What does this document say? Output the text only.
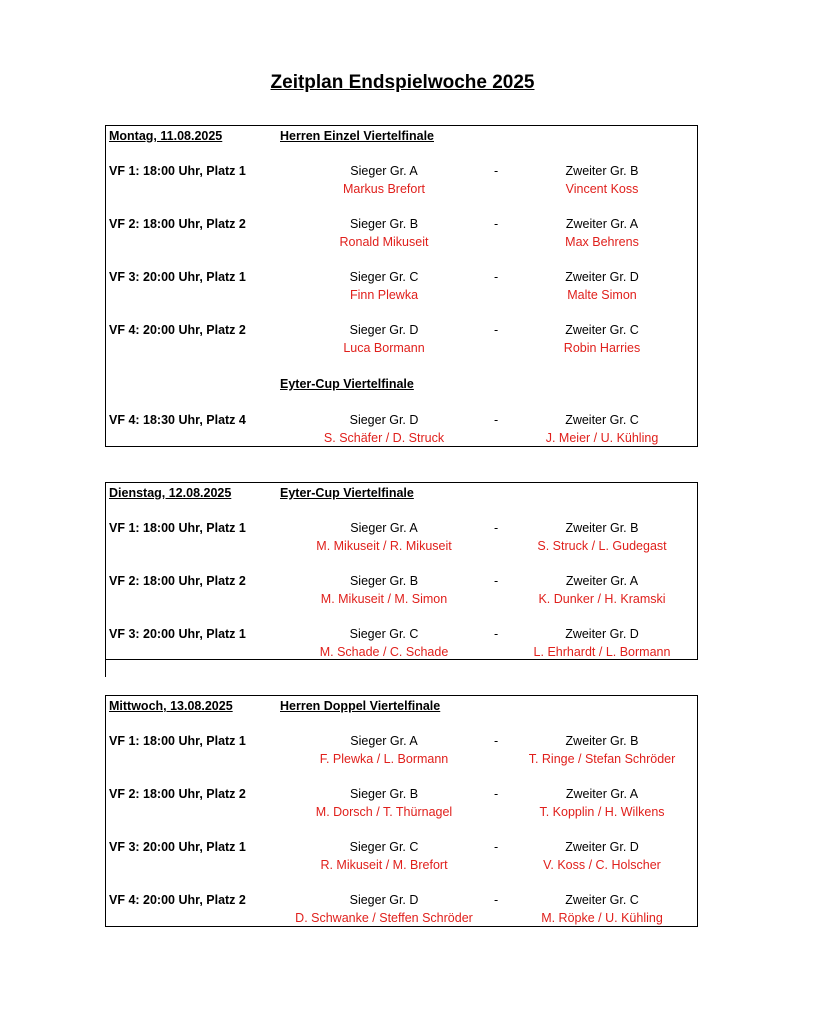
Zeitplan Endspielwoche 2025
Montag, 11.08.2025	Herren Einzel Viertelfinale
VF 1: 18:00 Uhr, Platz 1	Sieger Gr. A	-	Zweiter Gr. B
Markus Brefort	Vincent Koss
VF 2: 18:00 Uhr, Platz 2	Sieger Gr. B	-	Zweiter Gr. A
Ronald Mikuseit	Max Behrens
VF 3: 20:00 Uhr, Platz 1	Sieger Gr. C	-	Zweiter Gr. D
Finn Plewka	Malte Simon
VF 4: 20:00 Uhr, Platz 2	Sieger Gr. D	-	Zweiter Gr. C
Luca Bormann	Robin Harries
Eyter-Cup Viertelfinale
VF 4: 18:30 Uhr, Platz 4	Sieger Gr. D	-	Zweiter Gr. C
S. Schäfer / D. Struck	J. Meier / U. Kühling
Dienstag, 12.08.2025	Eyter-Cup Viertelfinale
VF 1: 18:00 Uhr, Platz 1	Sieger Gr. A	-	Zweiter Gr. B
M. Mikuseit / R. Mikuseit	S. Struck / L. Gudegast
VF 2: 18:00 Uhr, Platz 2	Sieger Gr. B	-	Zweiter Gr. A
M. Mikuseit / M. Simon	K. Dunker / H. Kramski
VF 3: 20:00 Uhr, Platz 1	Sieger Gr. C	-	Zweiter Gr. D
M. Schade / C. Schade	L. Ehrhardt / L. Bormann
Mittwoch, 13.08.2025	Herren Doppel Viertelfinale
VF 1: 18:00 Uhr, Platz 1	Sieger Gr. A	-	Zweiter Gr. B
F. Plewka / L. Bormann	T. Ringe / Stefan Schröder
VF 2: 18:00 Uhr, Platz 2	Sieger Gr. B	-	Zweiter Gr. A
M. Dorsch / T. Thürnagel	T. Kopplin / H. Wilkens
VF 3: 20:00 Uhr, Platz 1	Sieger Gr. C	-	Zweiter Gr. D
R. Mikuseit / M. Brefort	V. Koss / C. Holscher
VF 4: 20:00 Uhr, Platz 2	Sieger Gr. D	-	Zweiter Gr. C
D. Schwanke / Steffen Schröder	M. Röpke / U. Kühling
